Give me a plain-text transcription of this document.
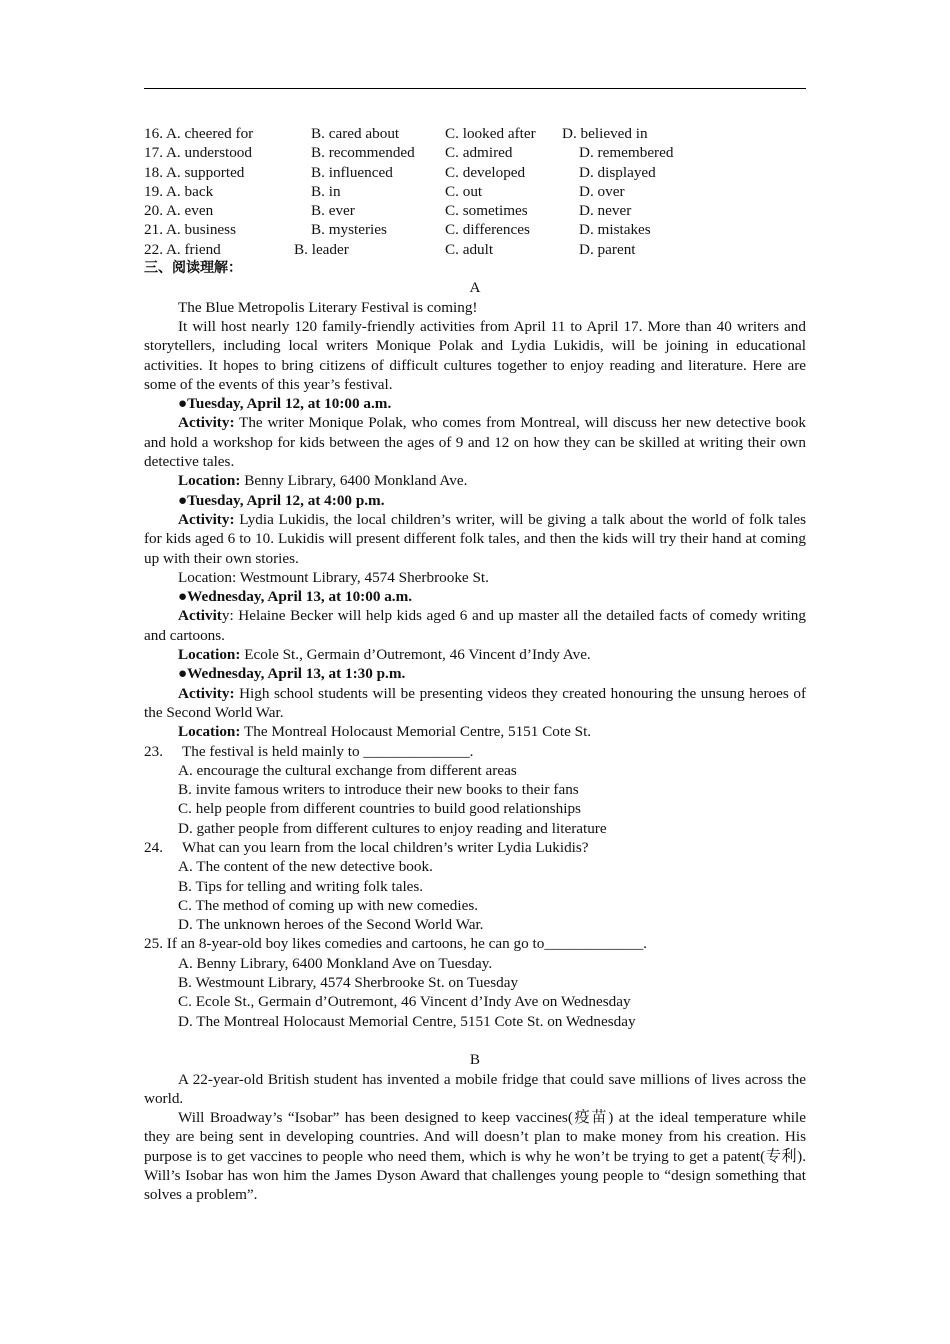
16. A. cheered for	B. cared about	C. looked after D. believed in
17. A. understood	B. recommended C. admired	D. remembered
18. A. supported	B. influenced	C. developed	D. displayed
19. A. back	B. in	C. out	D. over
20. A. even	B. ever	C. sometimes	D. never
21. A. business	B. mysteries	C. differences	D. mistakes
22. A. friend	B. leader	C. adult	D. parent
三、阅读理解：
A
The Blue Metropolis Literary Festival is coming!
It will host nearly 120 family-friendly activities from April 11 to April 17. More than 40 writers and storytellers, including local writers Monique Polak and Lydia Lukidis, will be joining in educational activities. It hopes to bring citizens of difficult cultures together to enjoy reading and literature. Here are some of the events of this year’s festival.
●Tuesday, April 12, at 10:00 a.m.
Activity: The writer Monique Polak, who comes from Montreal, will discuss her new detective book and hold a workshop for kids between the ages of 9 and 12 on how they can be skilled at writing their own detective tales.
Location: Benny Library, 6400 Monkland Ave.
●Tuesday, April 12, at 4:00 p.m.
Activity: Lydia Lukidis, the local children’s writer, will be giving a talk about the world of folk tales for kids aged 6 to 10. Lukidis will present different folk tales, and then the kids will try their hand at coming up with their own stories.
Location: Westmount Library, 4574 Sherbrooke St.
●Wednesday, April 13, at 10:00 a.m.
Activity: Helaine Becker will help kids aged 6 and up master all the detailed facts of comedy writing and cartoons.
Location: Ecole St., Germain d’Outremont, 46 Vincent d’Indy Ave.
●Wednesday, April 13, at 1:30 p.m.
Activity: High school students will be presenting videos they created honouring the unsung heroes of the Second World War.
Location: The Montreal Holocaust Memorial Centre, 5151 Cote St.
23.	The festival is held mainly to ______________.
A. encourage the cultural exchange from different areas
B. invite famous writers to introduce their new books to their fans
C. help people from different countries to build good relationships
D. gather people from different cultures to enjoy reading and literature
24.	What can you learn from the local children’s writer Lydia Lukidis?
A. The content of the new detective book.
B. Tips for telling and writing folk tales.
C. The method of coming up with new comedies.
D. The unknown heroes of the Second World War.
25. If an 8-year-old boy likes comedies and cartoons, he can go to_____________.
A. Benny Library, 6400 Monkland Ave on Tuesday.
B. Westmount Library, 4574 Sherbrooke St. on Tuesday
C. Ecole St., Germain d’Outremont, 46 Vincent d’Indy Ave on Wednesday
D. The Montreal Holocaust Memorial Centre, 5151 Cote St. on Wednesday
B
A 22-year-old British student has invented a mobile fridge that could save millions of lives across the world.
Will Broadway’s “Isobar” has been designed to keep vaccines(疫苗) at the ideal temperature while they are being sent in developing countries. And will doesn’t plan to make money from his creation. His purpose is to get vaccines to people who need them, which is why he won’t be trying to get a patent(专利). Will’s Isobar has won him the James Dyson Award that challenges young people to “design something that solves a problem”.
